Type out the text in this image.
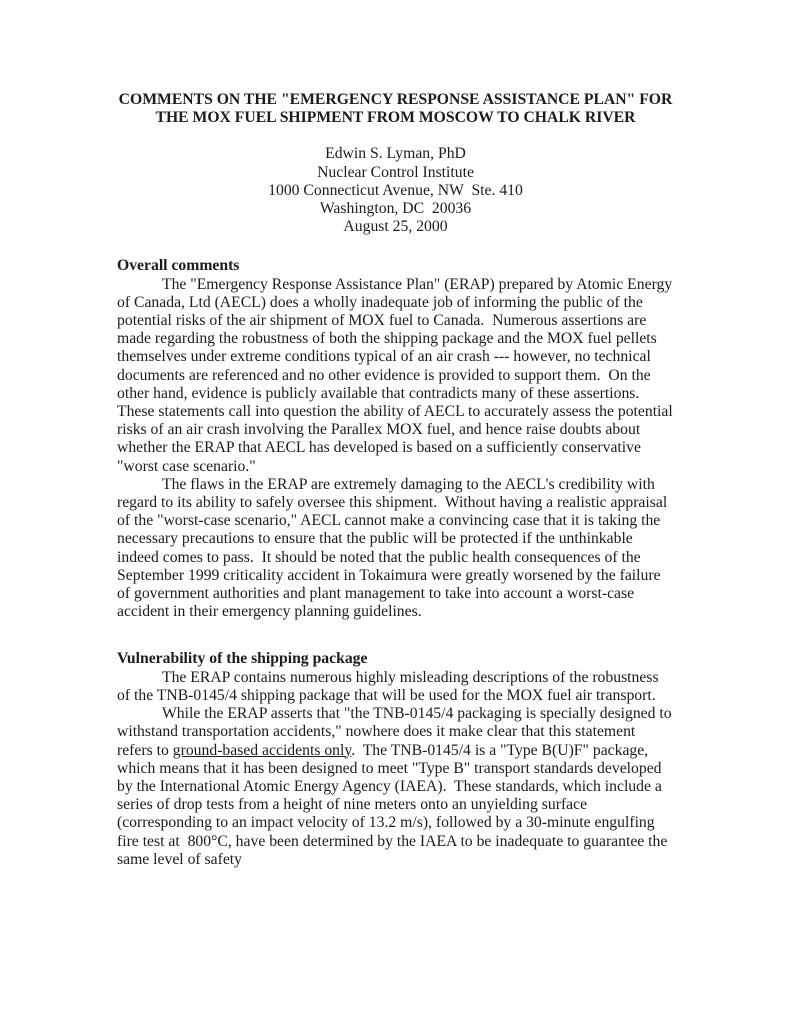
COMMENTS ON THE "EMERGENCY RESPONSE ASSISTANCE PLAN" FOR
THE MOX FUEL SHIPMENT FROM MOSCOW TO CHALK RIVER
Edwin S. Lyman, PhD
Nuclear Control Institute
1000 Connecticut Avenue, NW  Ste. 410
Washington, DC  20036
August 25, 2000
Overall comments

The "Emergency Response Assistance Plan" (ERAP) prepared by Atomic Energy of Canada, Ltd (AECL) does a wholly inadequate job of informing the public of the potential risks of the air shipment of MOX fuel to Canada.  Numerous assertions are made regarding the robustness of both the shipping package and the MOX fuel pellets themselves under extreme conditions typical of an air crash --- however, no technical documents are referenced and no other evidence is provided to support them.  On the other hand, evidence is publicly available that contradicts many of these assertions. These statements call into question the ability of AECL to accurately assess the potential risks of an air crash involving the Parallex MOX fuel, and hence raise doubts about whether the ERAP that AECL has developed is based on a sufficiently conservative "worst case scenario."

The flaws in the ERAP are extremely damaging to the AECL's credibility with regard to its ability to safely oversee this shipment.  Without having a realistic appraisal of the "worst-case scenario," AECL cannot make a convincing case that it is taking the necessary precautions to ensure that the public will be protected if the unthinkable indeed comes to pass.  It should be noted that the public health consequences of the September 1999 criticality accident in Tokaimura were greatly worsened by the failure of government authorities and plant management to take into account a worst-case accident in their emergency planning guidelines.

Vulnerability of the shipping package

The ERAP contains numerous highly misleading descriptions of the robustness of the TNB-0145/4 shipping package that will be used for the MOX fuel air transport.

While the ERAP asserts that "the TNB-0145/4 packaging is specially designed to withstand transportation accidents," nowhere does it make clear that this statement refers to ground-based accidents only.  The TNB-0145/4 is a "Type B(U)F" package, which means that it has been designed to meet "Type B" transport standards developed by the International Atomic Energy Agency (IAEA).  These standards, which include a series of drop tests from a height of nine meters onto an unyielding surface (corresponding to an impact velocity of 13.2 m/s), followed by a 30-minute engulfing fire test at  800°C, have been determined by the IAEA to be inadequate to guarantee the same level of safety
